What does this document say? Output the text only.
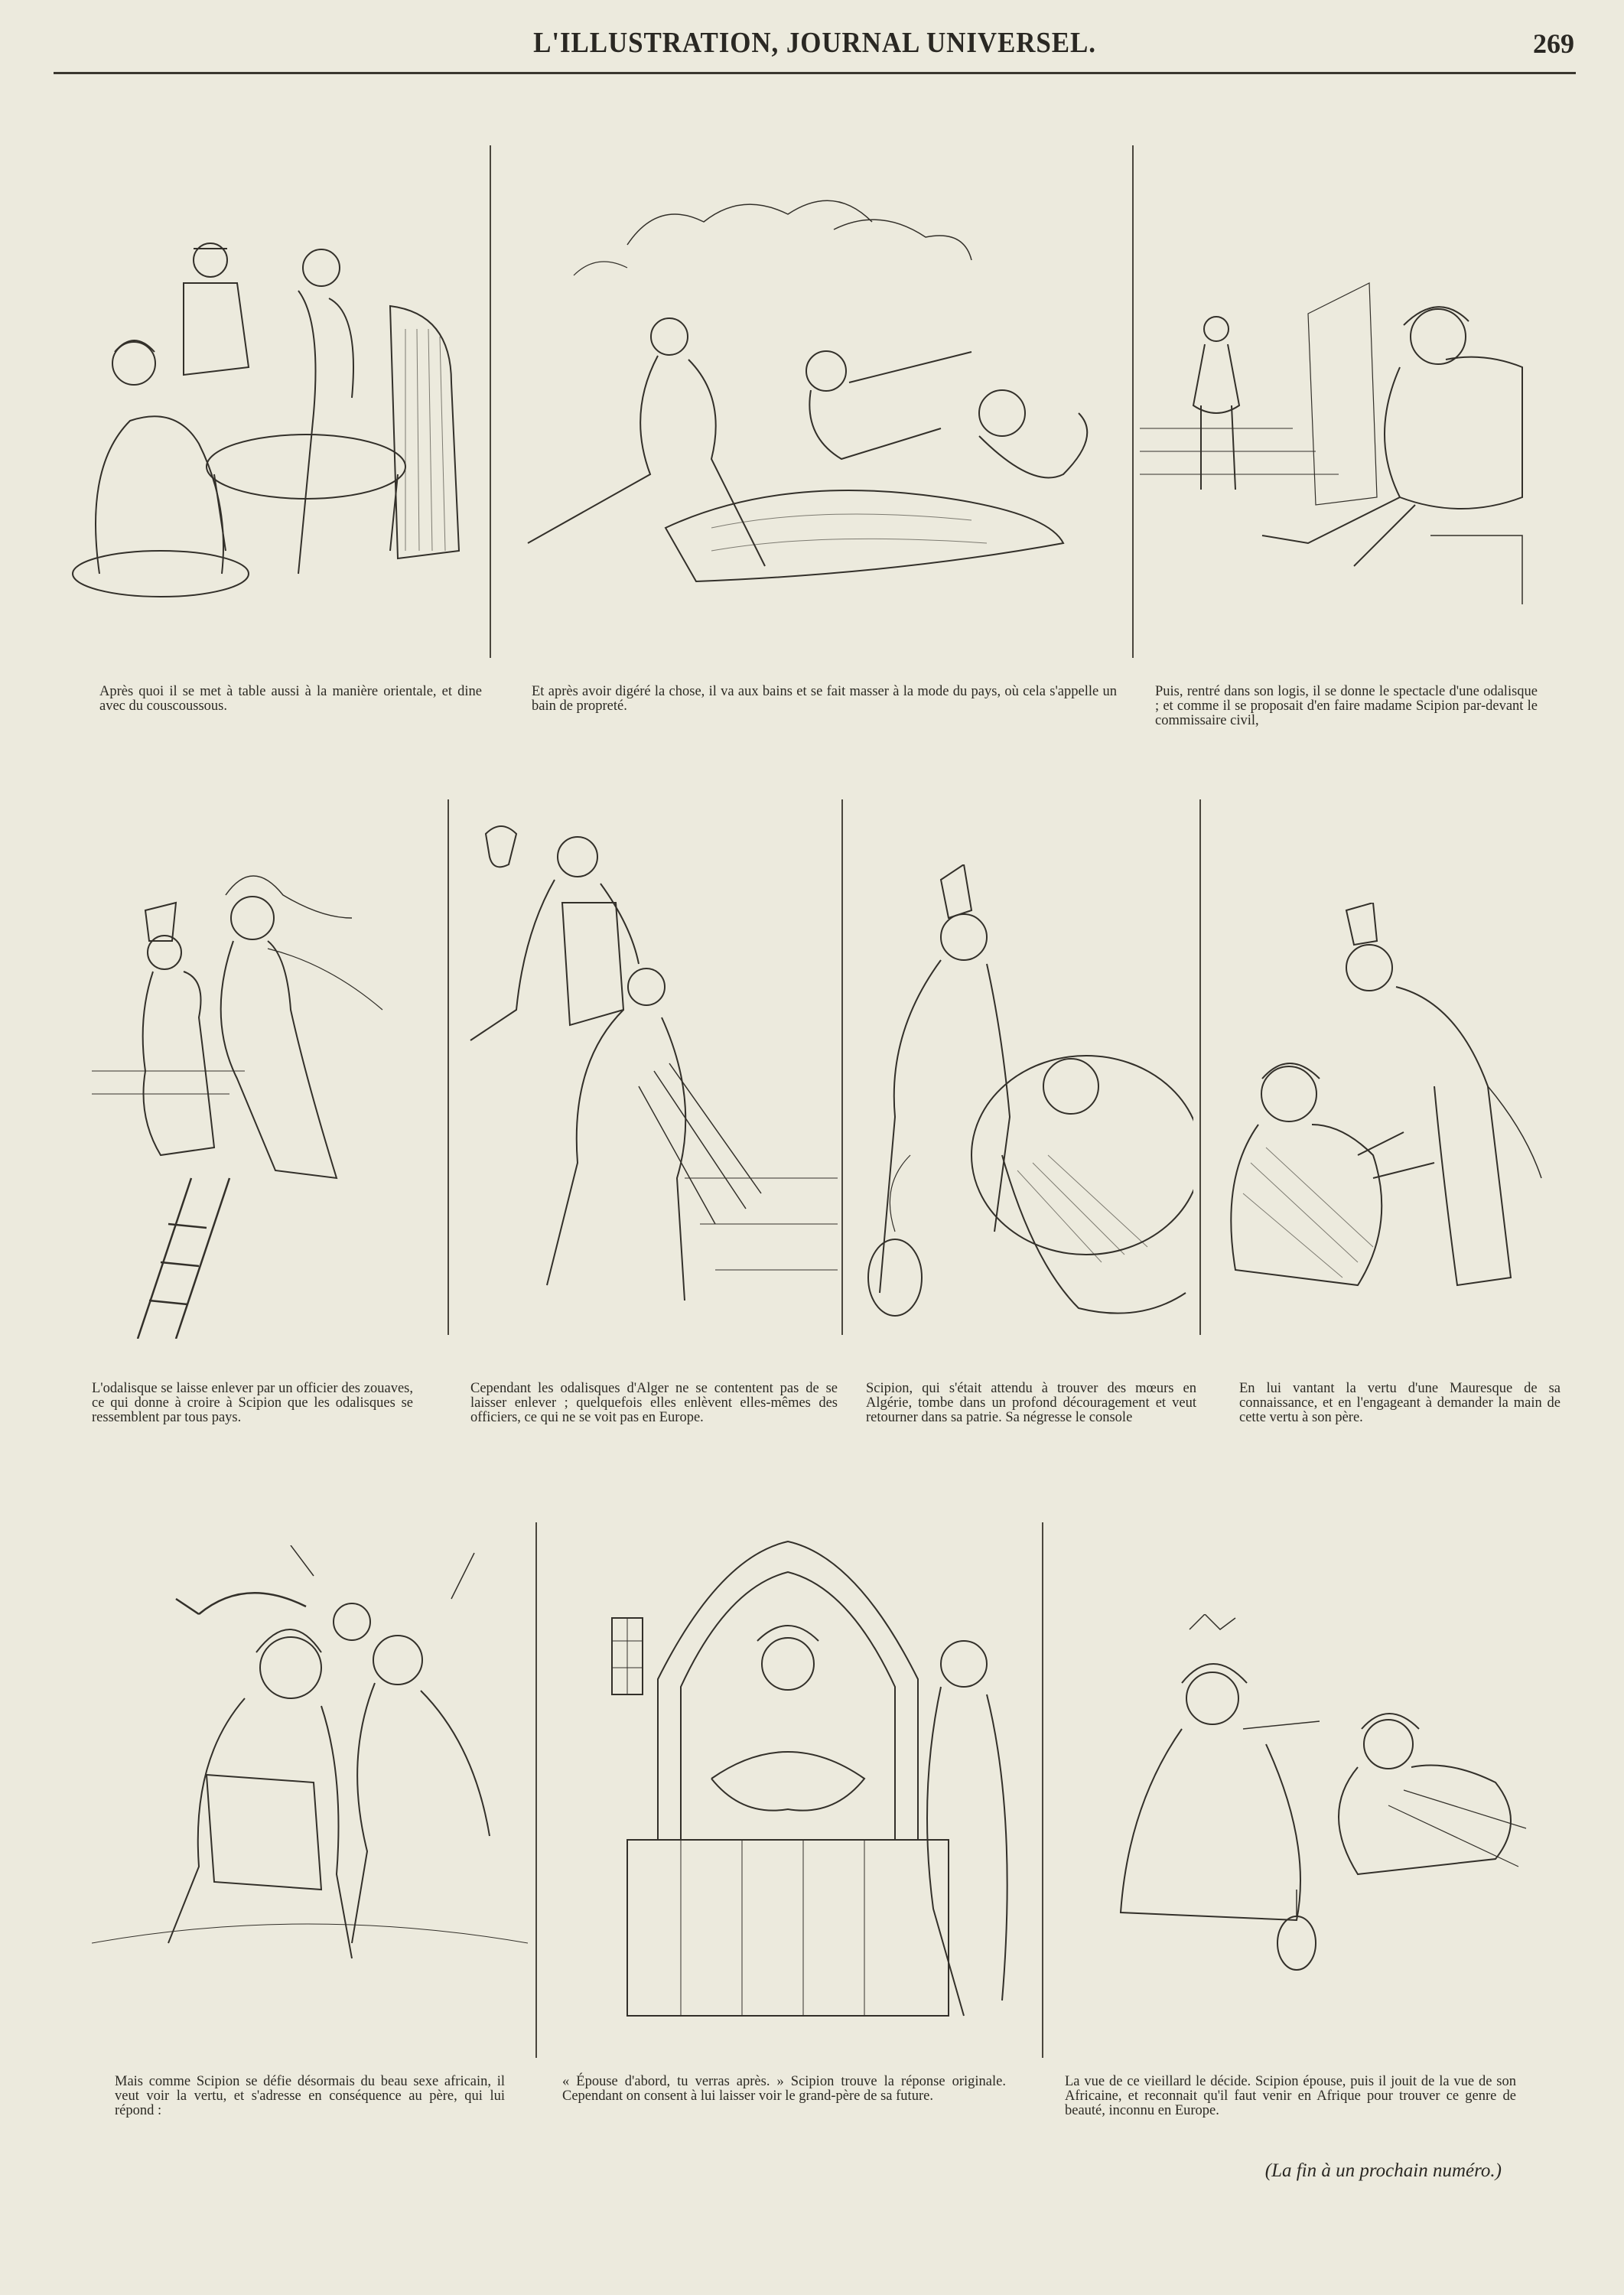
L'ILLUSTRATION, JOURNAL UNIVERSEL.	269
Après quoi il se met à table aussi à la manière orientale, et dine avec du couscoussous.
Et après avoir digéré la chose, il va aux bains et se fait masser à la mode du pays, où cela s'appelle un bain de propreté.
Puis, rentré dans son logis, il se donne le spectacle d'une odalisque ; et comme il se proposait d'en faire madame Scipion par-devant le commissaire civil,
L'odalisque se laisse enlever par un officier des zouaves, ce qui donne à croire à Scipion que les odalisques se ressemblent par tous pays.
Cependant les odalisques d'Alger ne se contentent pas de se laisser enlever ; quelquefois elles enlèvent elles-mêmes des officiers, ce qui ne se voit pas en Europe.
Scipion, qui s'était attendu à trouver des mœurs en Algérie, tombe dans un profond découragement et veut retourner dans sa patrie. Sa négresse le console
En lui vantant la vertu d'une Mauresque de sa connaissance, et en l'engageant à demander la main de cette vertu à son père.
Mais comme Scipion se défie désormais du beau sexe africain, il veut voir la vertu, et s'adresse en conséquence au père, qui lui répond :
« Épouse d'abord, tu verras après. » Scipion trouve la réponse originale. Cependant on consent à lui laisser voir le grand-père de sa future.
La vue de ce vieillard le décide. Scipion épouse, puis il jouit de la vue de son Africaine, et reconnait qu'il faut venir en Afrique pour trouver ce genre de beauté, inconnu en Europe.
(La fin à un prochain numéro.)
